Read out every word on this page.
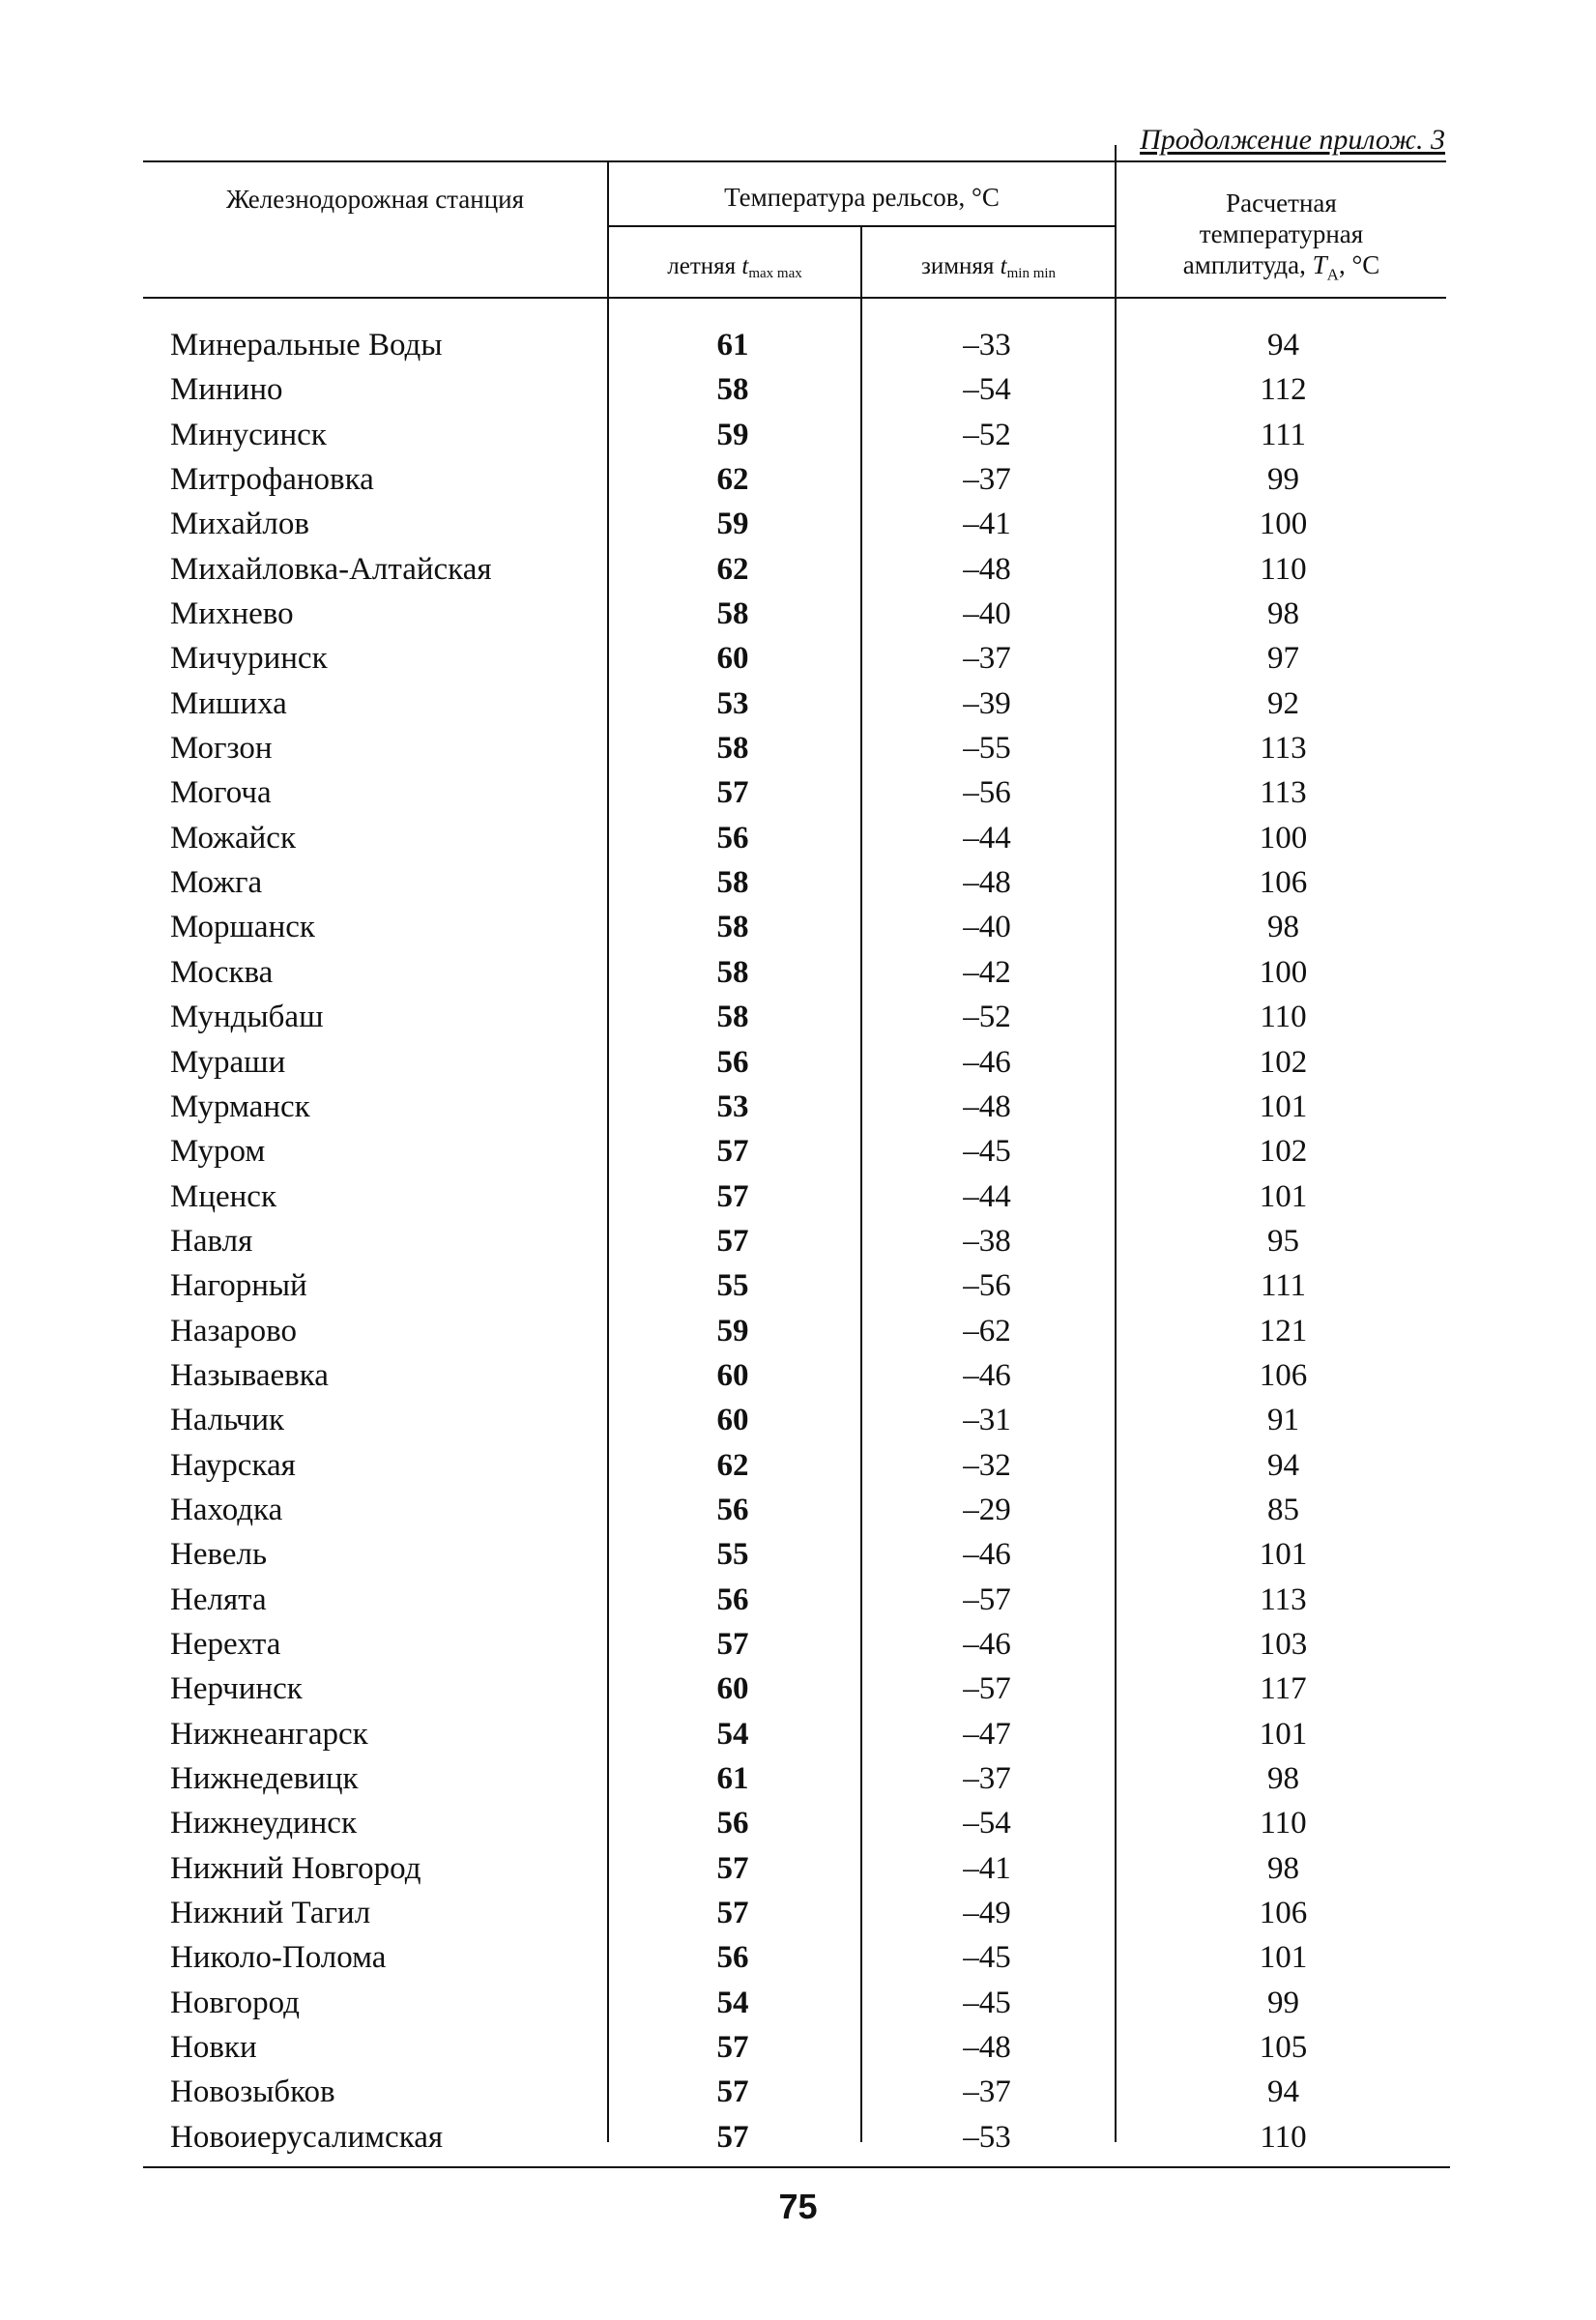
Продолжение прилож. 3
Железнодорожная станция	Температура рельсов, °С
летняя $t_{max max}$	зимняя $t_{min min}$
Расчетная
температурная
амплитуда, $T_A$, °С
Минеральные Воды	61	–33	94
Минино	58	–54	112
Минусинск	59	–52	111
Митрофановка	62	–37	99
Михайлов	59	–41	100
Михайловка-Алтайская	62	–48	110
Михнево	58	–40	98
Мичуринск	60	–37	97
Мишиха	53	–39	92
Могзон	58	–55	113
Могоча	57	–56	113
Можайск	56	–44	100
Можга	58	–48	106
Моршанск	58	–40	98
Москва	58	–42	100
Мундыбаш	58	–52	110
Мураши	56	–46	102
Мурманск	53	–48	101
Муром	57	–45	102
Мценск	57	–44	101
Навля	57	–38	95
Нагорный	55	–56	111
Назарово	59	–62	121
Называевка	60	–46	106
Нальчик	60	–31	91
Наурская	62	–32	94
Находка	56	–29	85
Невель	55	–46	101
Нелята	56	–57	113
Нерехта	57	–46	103
Нерчинск	60	–57	117
Нижнеангарск	54	–47	101
Нижнедевицк	61	–37	98
Нижнеудинск	56	–54	110
Нижний Новгород	57	–41	98
Нижний Тагил	57	–49	106
Николо-Полома	56	–45	101
Новгород	54	–45	99
Новки	57	–48	105
Новозыбков	57	–37	94
Новоиерусалимская	57	–53	110
75
